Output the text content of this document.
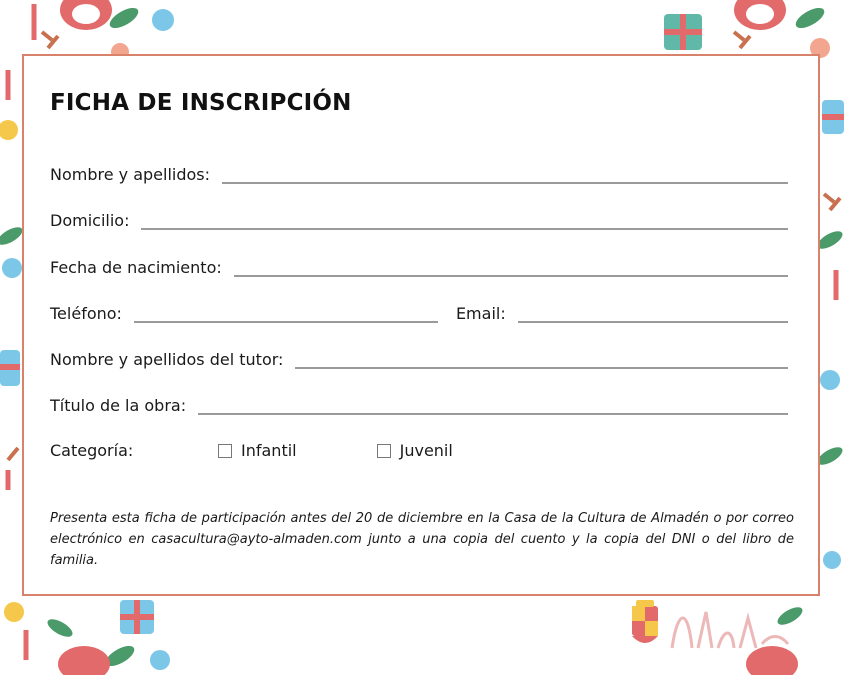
FICHA DE INSCRIPCIÓN
Nombre y apellidos:
Domicilio:
Fecha de nacimiento:
Teléfono:	Email:
Nombre y apellidos del tutor:
Título de la obra:
Categoría:	Infantil	Juvenil

Presenta esta ficha de participación antes del 20 de diciembre en la Casa de la Cultura de Almadén o por correo electrónico en casacultura@ayto-almaden.com junto a una copia del cuento y la copia del DNI o del libro de familia.
